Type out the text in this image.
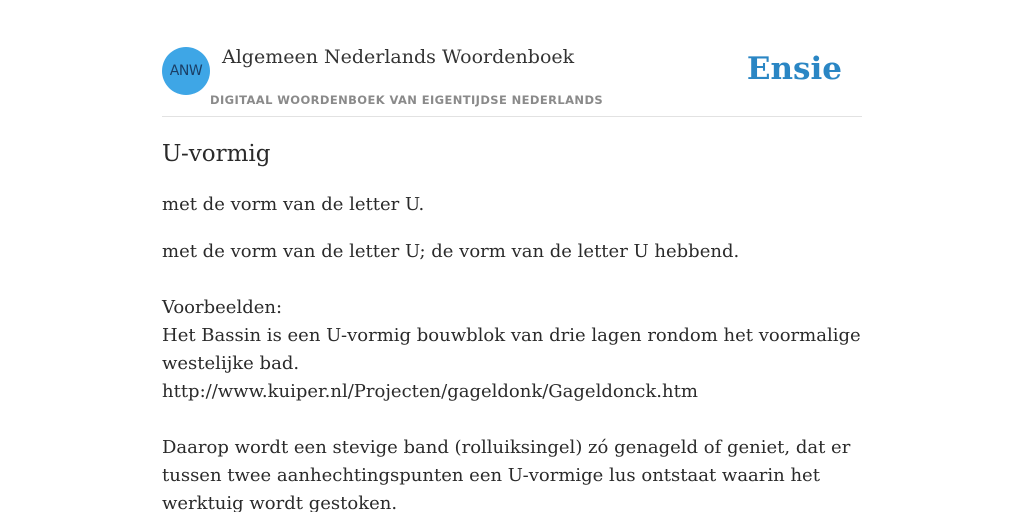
ANW
Algemeen Nederlands Woordenboek
DIGITAAL WOORDENBOEK VAN EIGENTIJDSE NEDERLANDS
Ensie
U-vormig

met de vorm van de letter U.

met de vorm van de letter U; de vorm van de letter U hebbend.

Voorbeelden:
Het Bassin is een U-vormig bouwblok van drie lagen rondom het voormalige westelijke bad.
http://www.kuiper.nl/Projecten/gageldonk/Gageldonck.htm
Daarop wordt een stevige band (rolluiksingel) zó genageld of geniet, dat er tussen twee aanhechtingspunten een U-vormige lus ontstaat waarin het werktuig wordt gestoken.
